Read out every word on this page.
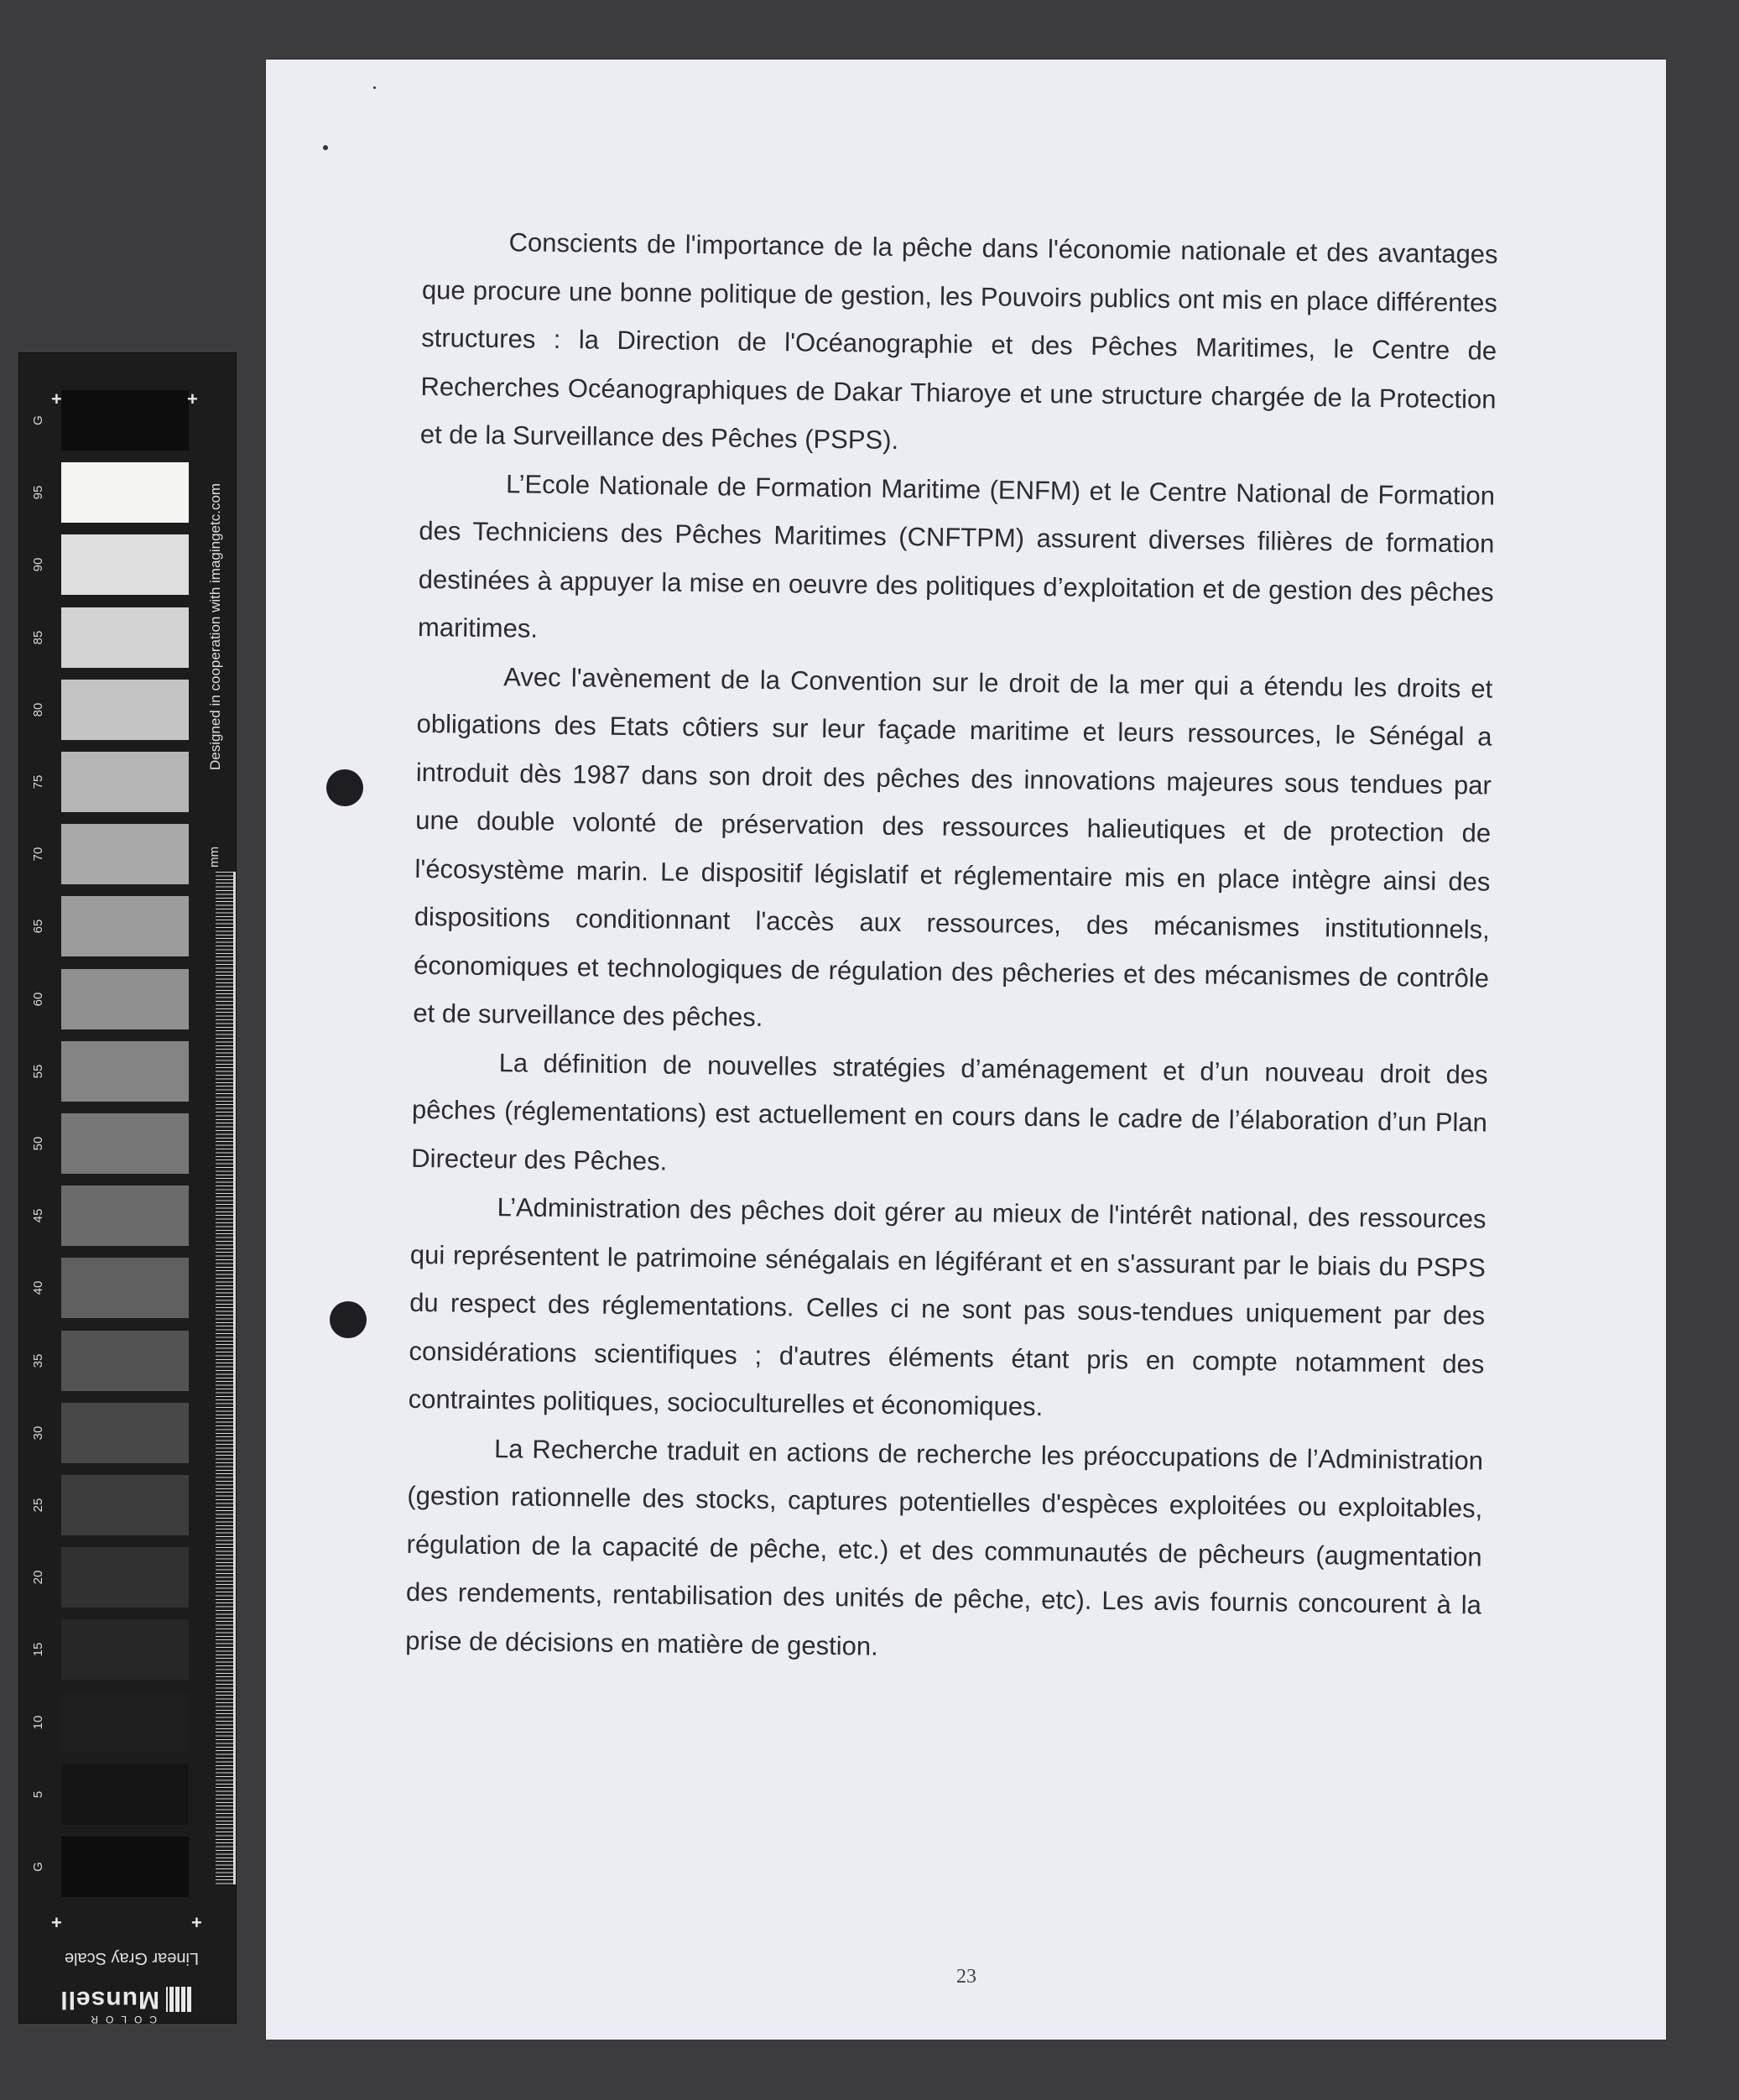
G
95
90
85
80
75
70
65
60
55
50
45
40
35
30
25
20
15
10
5
G
+	+
+	+
Designed in cooperation with imagingetc.com
mm
Linear Gray Scale
COLOR
Munsell

Conscients de l'importance de la pêche dans l'économie nationale et des avantages que procure une bonne politique de gestion, les Pouvoirs publics ont mis en place différentes structures : la Direction de l'Océanographie et des Pêches Maritimes, le Centre de Recherches Océanographiques de Dakar Thiaroye et une structure chargée de la Protection et de la Surveillance des Pêches (PSPS).

L’Ecole Nationale de Formation Maritime (ENFM) et le Centre National de Formation des Techniciens des Pêches Maritimes (CNFTPM) assurent diverses filières de formation destinées à appuyer la mise en oeuvre des politiques d’exploitation et de gestion des pêches maritimes.

Avec l'avènement de la Convention sur le droit de la mer qui a étendu les droits et obligations des Etats côtiers sur leur façade maritime et leurs ressources, le Sénégal a introduit dès 1987 dans son droit des pêches des innovations majeures sous tendues par une double volonté de préservation des ressources halieutiques et de protection de l'écosystème marin. Le dispositif législatif et réglementaire mis en place intègre ainsi des dispositions conditionnant l'accès aux ressources, des mécanismes institutionnels, économiques et technologiques de régulation des pêcheries et des mécanismes de contrôle et de surveillance des pêches.

La définition de nouvelles stratégies d’aménagement et d’un nouveau droit des pêches (réglementations) est actuellement en cours dans le cadre de l’élaboration d’un Plan Directeur des Pêches.

L’Administration des pêches doit gérer au mieux de l'intérêt national, des ressources qui représentent le patrimoine sénégalais en légiférant et en s'assurant par le biais du PSPS du respect des réglementations. Celles ci ne sont pas sous-tendues uniquement par des considérations scientifiques ; d'autres éléments étant pris en compte notamment des contraintes politiques, socioculturelles et économiques.

La Recherche traduit en actions de recherche les préoccupations de l’Administration (gestion rationnelle des stocks, captures potentielles d'espèces exploitées ou exploitables, régulation de la capacité de pêche, etc.) et des communautés de pêcheurs (augmentation des rendements, rentabilisation des unités de pêche, etc). Les avis fournis concourent à la prise de décisions en matière de gestion.

23
